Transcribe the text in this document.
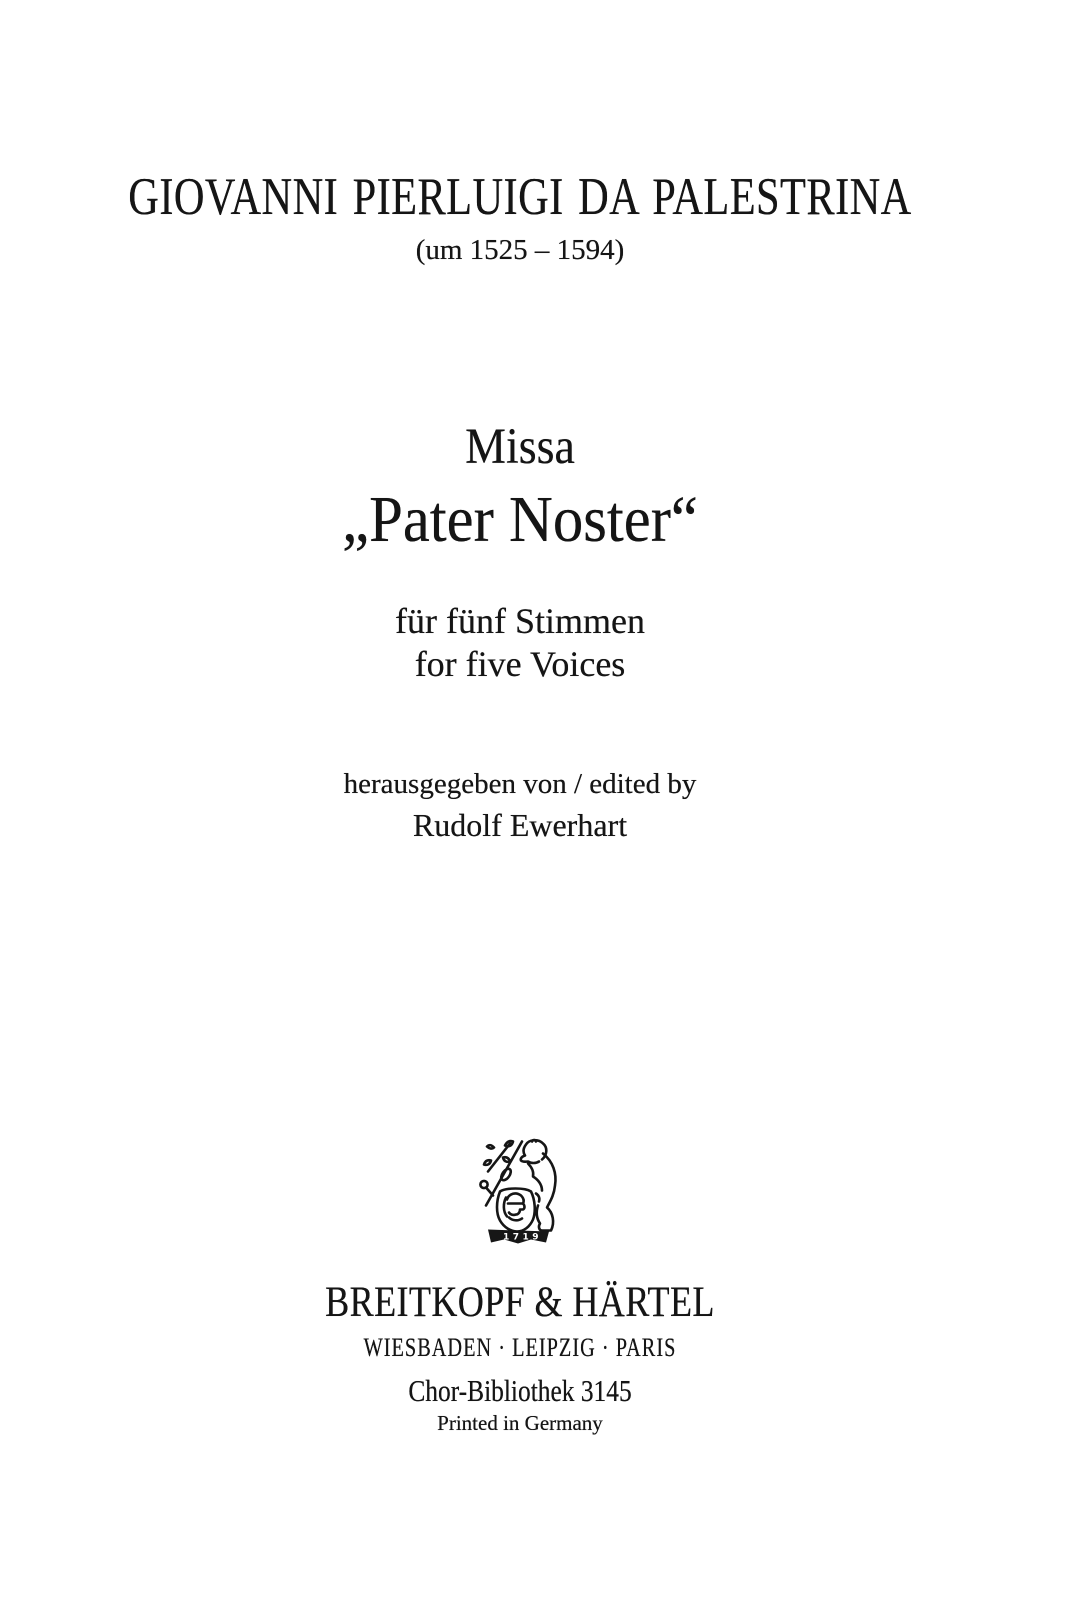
GIOVANNI PIERLUIGI DA PALESTRINA
(um 1525 – 1594)
Missa
„Pater Noster“
für fünf Stimmen
for five Voices
herausgegeben von / edited by
Rudolf Ewerhart
1719
BREITKOPF & HÄRTEL
WIESBADEN · LEIPZIG · PARIS
Chor-Bibliothek 3145
Printed in Germany
